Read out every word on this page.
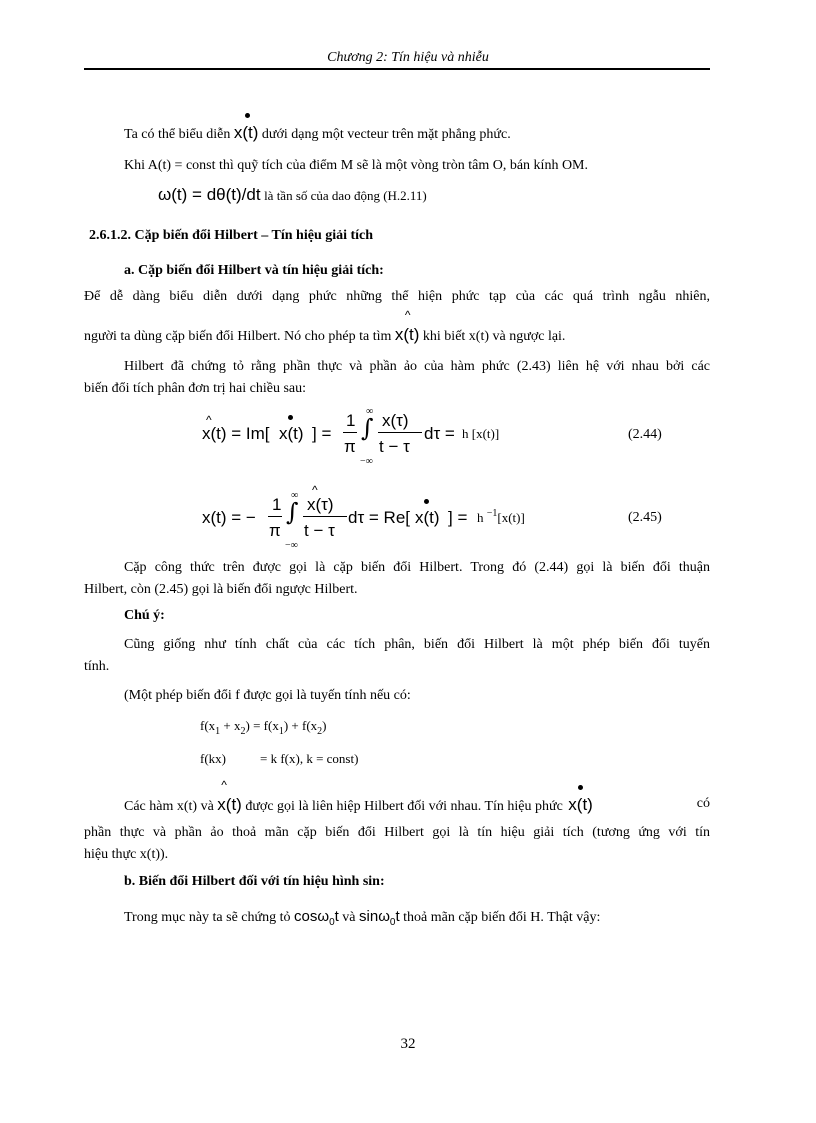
Chương 2: Tín hiệu và nhiễu
Ta có thể biểu diễn x(t) dưới dạng một vecteur trên mặt phẳng phức.
Khi A(t) = const thì quỹ tích của điểm M sẽ là một vòng tròn tâm O, bán kính OM.
ω(t) = dθ(t)/dt là tần số của dao động (H.2.11)
2.6.1.2. Cặp biến đổi Hilbert – Tín hiệu giải tích
a. Cặp biến đổi Hilbert và tín hiệu giải tích:
Để dễ dàng biểu diễn dưới dạng phức những thể hiện phức tạp của các quá trình ngẫu nhiên,
người ta dùng cặp biến đổi Hilbert. Nó cho phép ta tìm
^
x(t) khi biết x(t) và ngược lại.
Hilbert đã chứng tỏ rằng phần thực và phần ảo của hàm phức (2.43) liên hệ với nhau bởi các
biến đổi tích phân đơn trị hai chiều sau:
^
x(t) = Im[ x(t) ] =
1
π
∞
∫
−∞
x(τ)
t − τ
dτ = h [x(t)]	(2.44)
x(t) = −
1
π
∞
∫
−∞
^
x(τ)
t − τ
dτ = Re[ x(t) ] = h $^{-1}$[x(t)]	(2.45)
Cặp công thức trên được gọi là cặp biến đổi Hilbert. Trong đó (2.44) gọi là biến đổi thuận
Hilbert, còn (2.45) gọi là biến đổi ngược Hilbert.
Chú ý:
Cũng giống như tính chất của các tích phân, biến đổi Hilbert là một phép biến đổi tuyến
tính.
(Một phép biến đổi f được gọi là tuyến tính nếu có:
$f(x_1 + x_2) = f(x_1) + f(x_2)$
f(kx)	= k f(x), k = const)
Các hàm x(t) và
^
x(t) được gọi là liên hiệp Hilbert đối với nhau. Tín hiệu phức x(t)	có
phần thực và phần ảo thoả mãn cặp biến đổi Hilbert gọi là tín hiệu giải tích (tương ứng với tín
hiệu thực x(t)).
b. Biến đổi Hilbert đối với tín hiệu hình sin:
Trong mục này ta sẽ chứng tỏ cosω$_0$t và sinω$_0$t thoả mãn cặp biến đổi H. Thật vậy:
32
